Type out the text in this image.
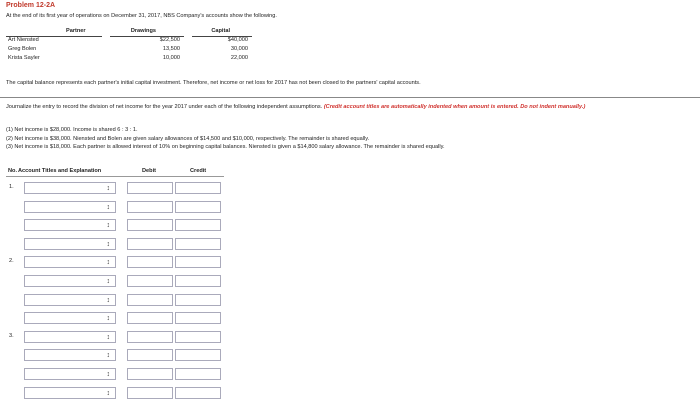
Problem 12-2A
At the end of its first year of operations on December 31, 2017, NBS Company's accounts show the following.
Partner	Drawings	Capital
Art Niensted	$22,500	$40,000
Greg Bolen	13,500	30,000
Krista Sayler	10,000	22,000
The capital balance represents each partner's initial capital investment. Therefore, net income or net loss for 2017 has not been closed to the partners' capital accounts.
Journalize the entry to record the division of net income for the year 2017 under each of the following independent assumptions. (Credit account titles are automatically indented when amount is entered. Do not indent manually.)
(1) Net income is $28,000. Income is shared 6 : 3 : 1.
(2) Net income is $38,000. Niensted and Bolen are given salary allowances of $14,500 and $10,000, respectively. The remainder is shared equally.
(3) Net income is $18,000. Each partner is allowed interest of 10% on beginning capital balances. Niensted is given a $14,800 salary allowance. The remainder is shared equally.
No. Account Titles and Explanation	Debit	Credit
1.	↕
↕
↕
↕
2.	↕
↕
↕
↕
3.	↕
↕
↕
↕
